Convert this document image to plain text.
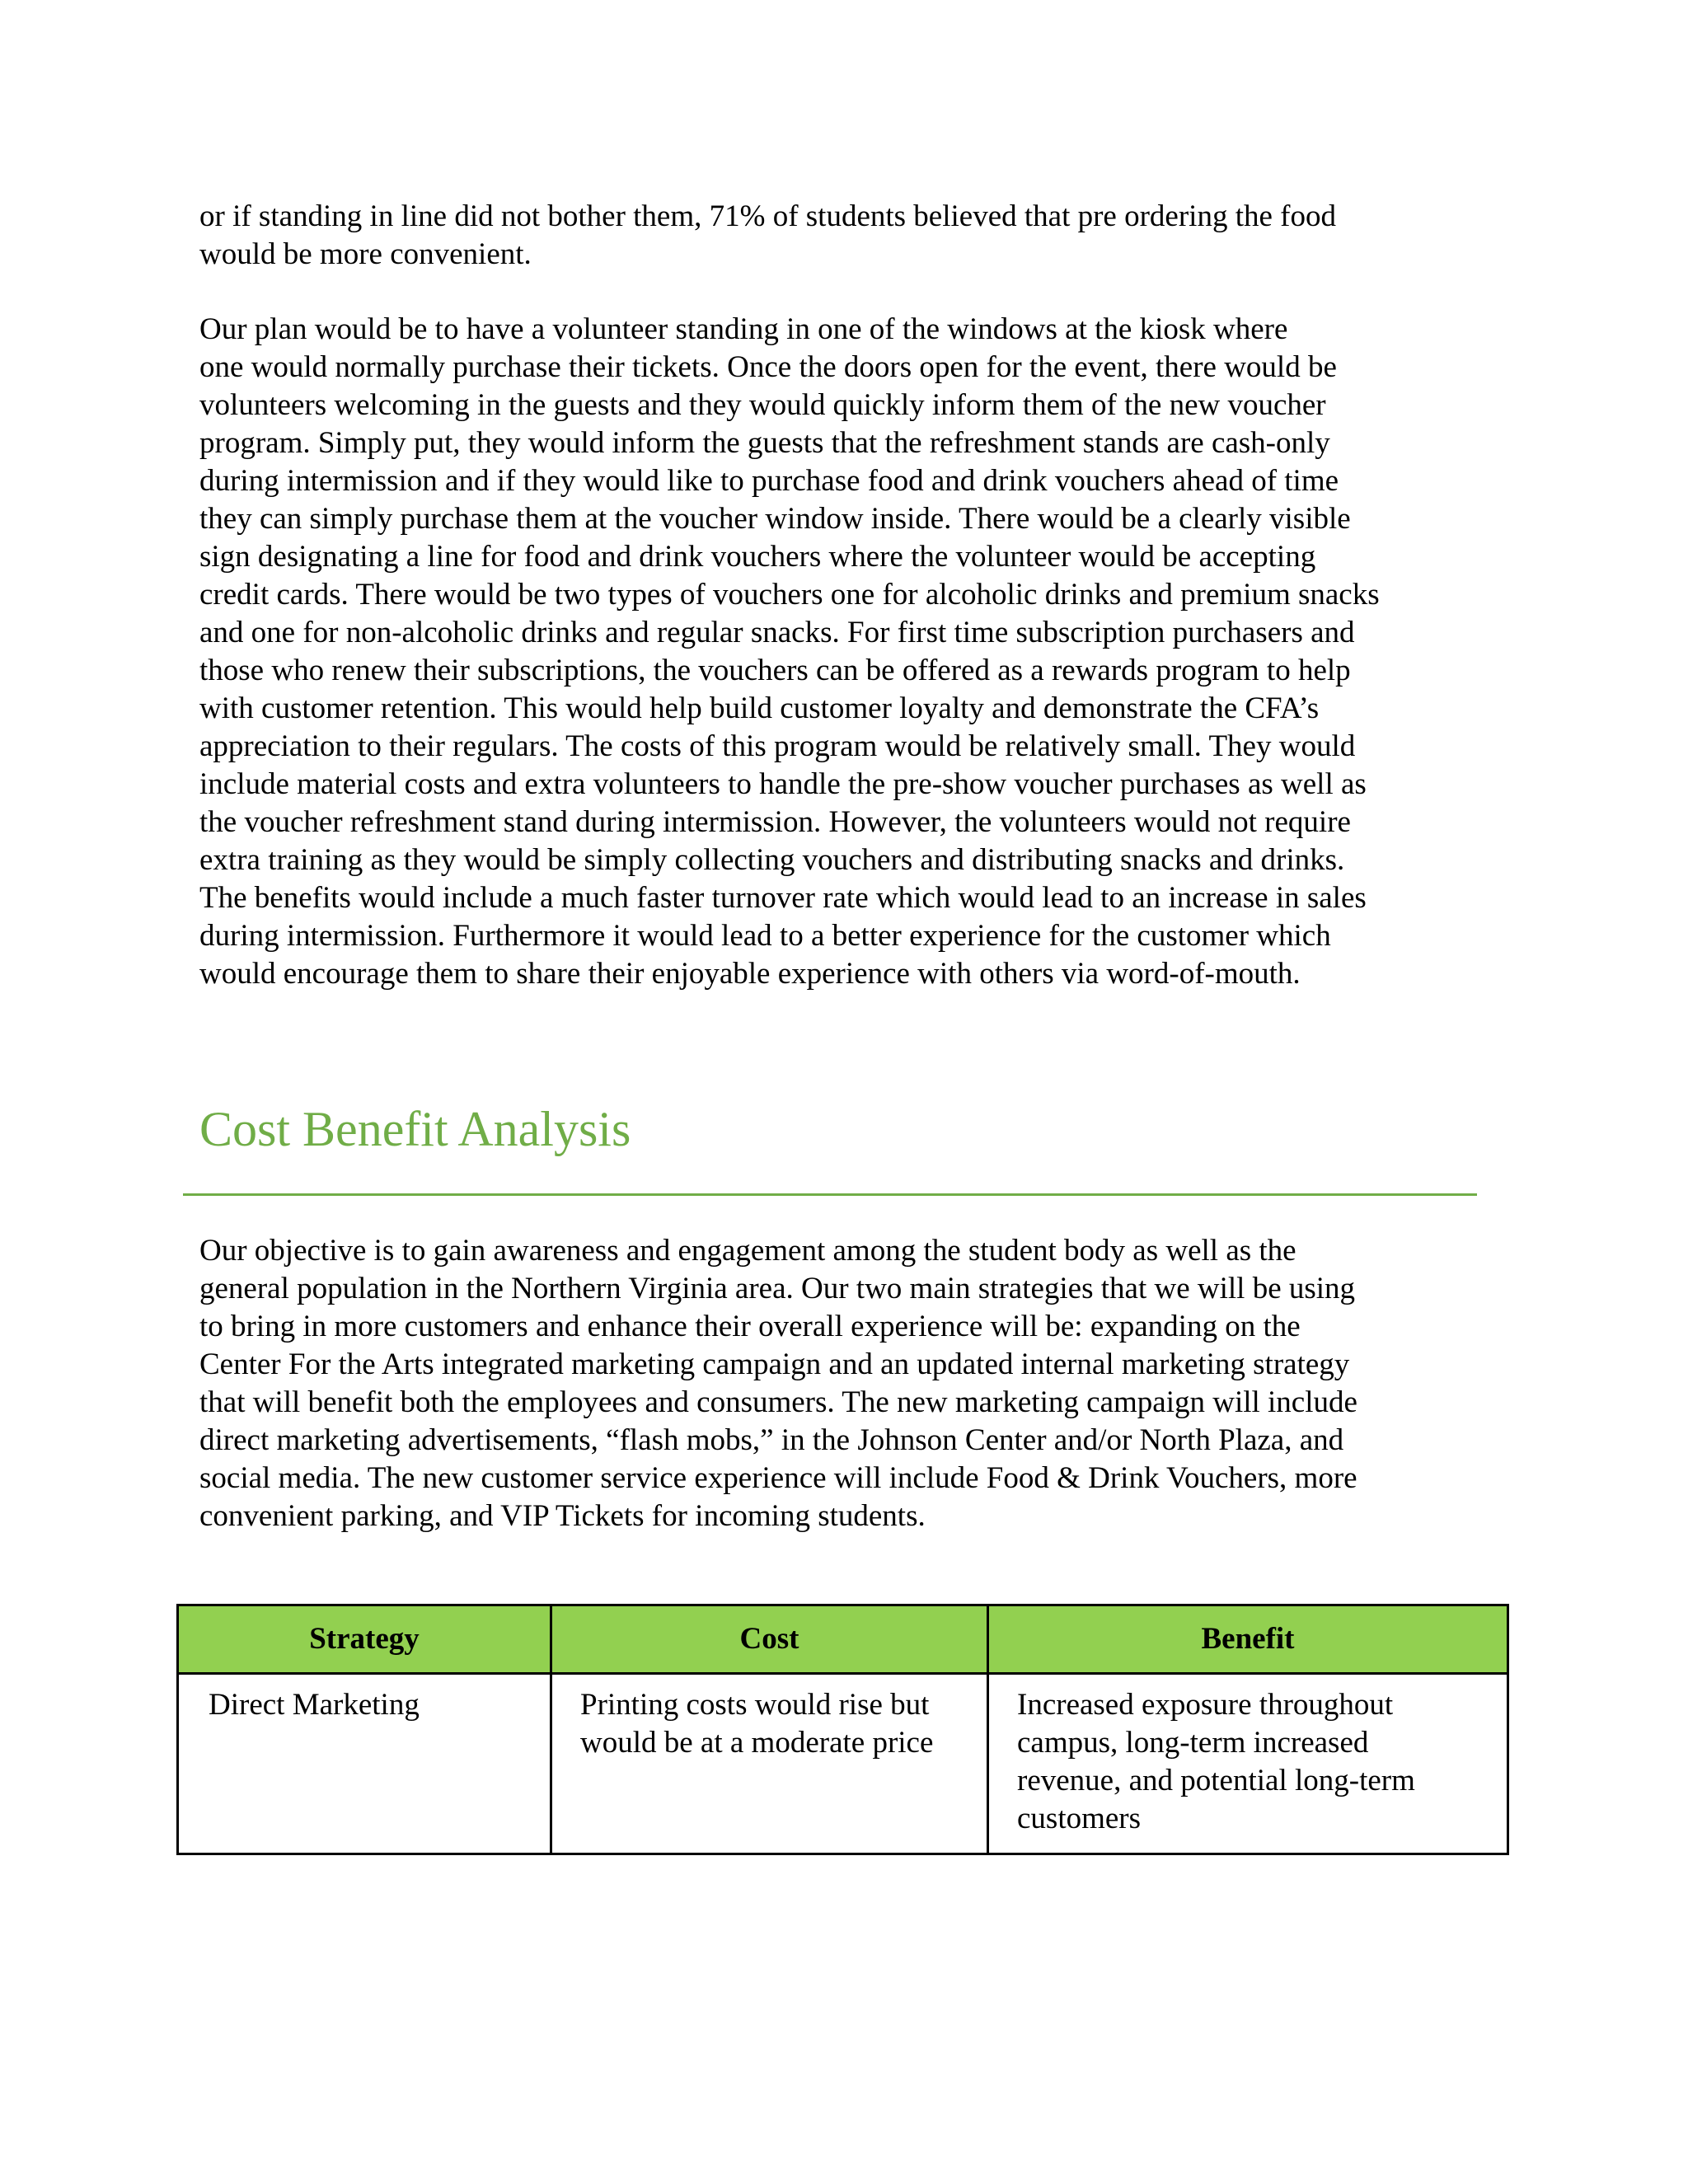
or if standing in line did not bother them, 71% of students believed that pre ordering the food

would be more convenient.

Our plan would be to have a volunteer standing in one of the windows at the kiosk where

one would normally purchase their tickets. Once the doors open for the event, there would be

volunteers welcoming in the guests and they would quickly inform them of the new voucher

program. Simply put, they would inform the guests that the refreshment stands are cash-only

during intermission and if they would like to purchase food and drink vouchers ahead of time

they can simply purchase them at the voucher window inside. There would be a clearly visible

sign designating a line for food and drink vouchers where the volunteer would be accepting

credit cards. There would be two types of vouchers one for alcoholic drinks and premium snacks

and one for non-alcoholic drinks and regular snacks. For first time subscription purchasers and

those who renew their subscriptions, the vouchers can be offered as a rewards program to help

with customer retention. This would help build customer loyalty and demonstrate the CFA’s

appreciation to their regulars. The costs of this program would be relatively small. They would

include material costs and extra volunteers to handle the pre-show voucher purchases as well as

the voucher refreshment stand during intermission. However, the volunteers would not require

extra training as they would be simply collecting vouchers and distributing snacks and drinks.

The benefits would include a much faster turnover rate which would lead to an increase in sales

during intermission. Furthermore it would lead to a better experience for the customer which

would encourage them to share their enjoyable experience with others via word-of-mouth.

Cost Benefit Analysis

Our objective is to gain awareness and engagement among the student body as well as the

general population in the Northern Virginia area. Our two main strategies that we will be using

to bring in more customers and enhance their overall experience will be: expanding on the

Center For the Arts integrated marketing campaign and an updated internal marketing strategy

that will benefit both the employees and consumers. The new marketing campaign will include

direct marketing advertisements, “flash mobs,” in the Johnson Center and/or North Plaza, and

social media. The new customer service experience will include Food & Drink Vouchers, more

convenient parking, and VIP Tickets for incoming students.

Strategy	Cost	Benefit

Direct Marketing	Printing costs would rise but
would be at a moderate price	Increased exposure throughout
campus, long-term increased
revenue, and potential long-term
customers
